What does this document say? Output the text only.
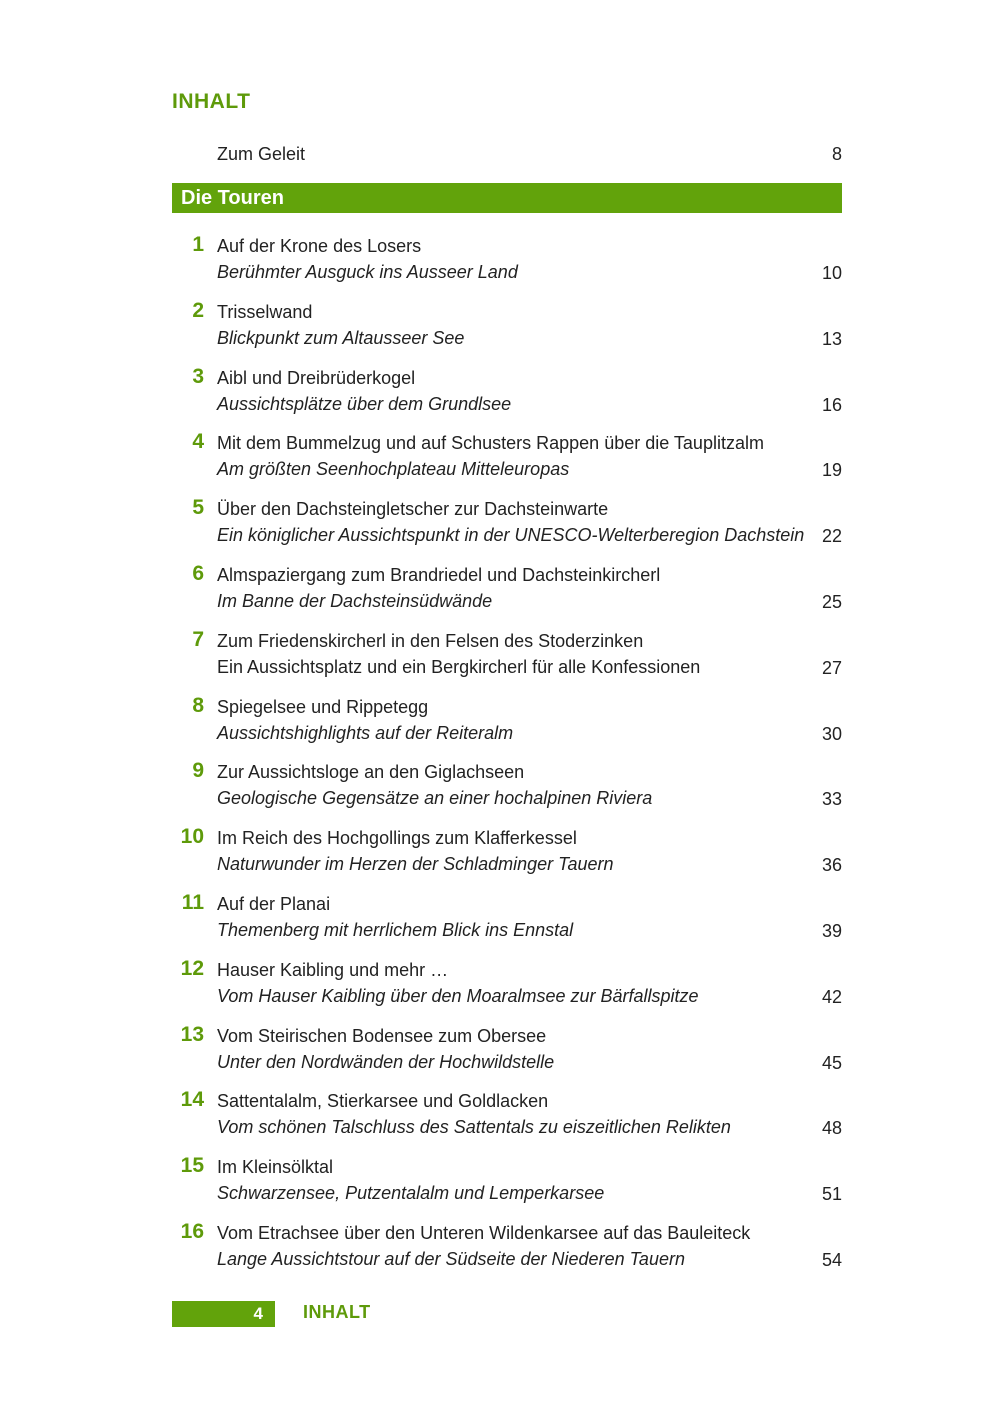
INHALT
Zum Geleit	8
Die Touren
1 Auf der Krone des Losers
Berühmter Ausguck ins Ausseer Land	10
2 Trisselwand
Blickpunkt zum Altausseer See	13
3 Aibl und Dreibrüderkogel
Aussichtsplätze über dem Grundlsee	16
4 Mit dem Bummelzug und auf Schusters Rappen über die Tauplitzalm
Am größten Seenhochplateau Mitteleuropas	19
5 Über den Dachsteingletscher zur Dachsteinwarte
Ein königlicher Aussichtspunkt in der UNESCO-Welterberegion Dachstein 22
6 Almspaziergang zum Brandriedel und Dachsteinkircherl
Im Banne der Dachsteinsüdwände	25
7 Zum Friedenskircherl in den Felsen des Stoderzinken
Ein Aussichtsplatz und ein Bergkircherl für alle Konfessionen	27
8 Spiegelsee und Rippetegg
Aussichtshighlights auf der Reiteralm	30
9 Zur Aussichtsloge an den Giglachseen
Geologische Gegensätze an einer hochalpinen Riviera	33
10 Im Reich des Hochgollings zum Klafferkessel
Naturwunder im Herzen der Schladminger Tauern	36
11 Auf der Planai
Themenberg mit herrlichem Blick ins Ennstal	39
12 Hauser Kaibling und mehr …
Vom Hauser Kaibling über den Moaralmsee zur Bärfallspitze	42
13 Vom Steirischen Bodensee zum Obersee
Unter den Nordwänden der Hochwildstelle	45
14 Sattentalalm, Stierkarsee und Goldlacken
Vom schönen Talschluss des Sattentals zu eiszeitlichen Relikten	48
15 Im Kleinsölktal
Schwarzensee, Putzentalalm und Lemperkarsee	51
16 Vom Etrachsee über den Unteren Wildenkarsee auf das Bauleiteck
Lange Aussichtstour auf der Südseite der Niederen Tauern	54
4 INHALT
